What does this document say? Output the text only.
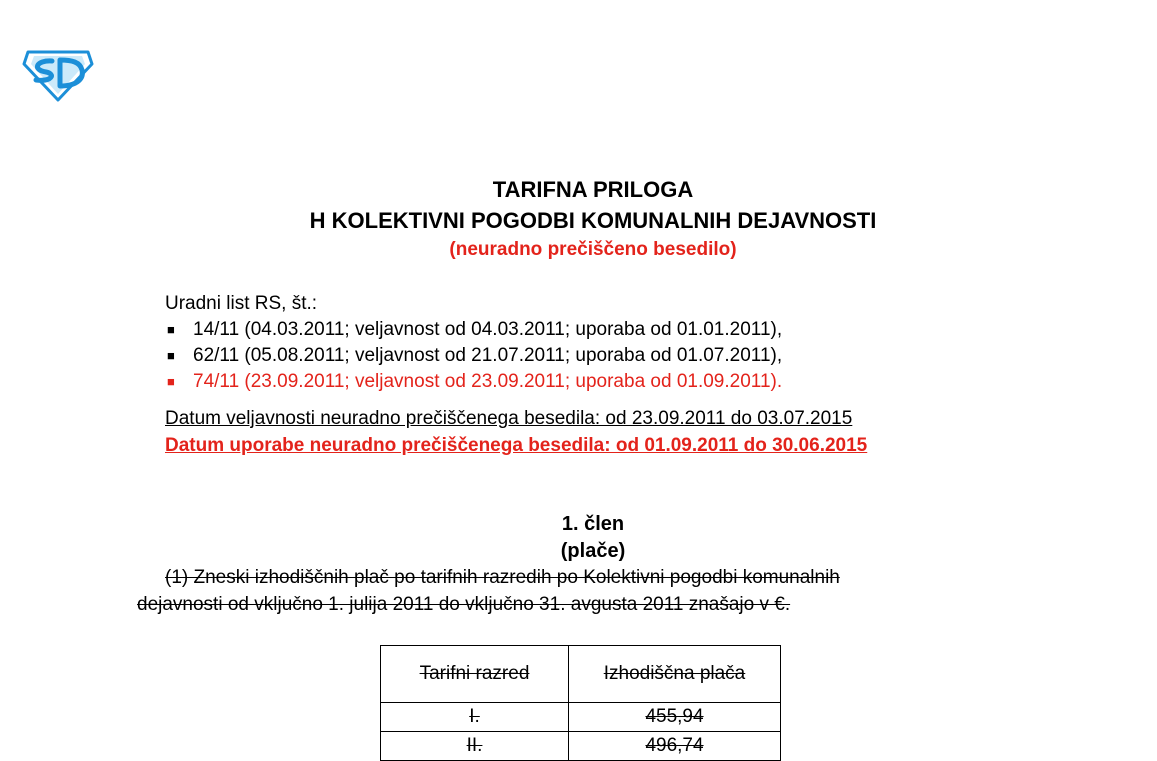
TARIFNA PRILOGA
H KOLEKTIVNI POGODBI KOMUNALNIH DEJAVNOSTI
(neuradno prečiščeno besedilo)

Uradni list RS, št.:

■ 14/11 (04.03.2011; veljavnost od 04.03.2011; uporaba od 01.01.2011),
■ 62/11 (05.08.2011; veljavnost od 21.07.2011; uporaba od 01.07.2011),
■ 74/11 (23.09.2011; veljavnost od 23.09.2011; uporaba od 01.09.2011).
Datum veljavnosti neuradno prečiščenega besedila: od 23.09.2011 do 03.07.2015
Datum uporabe neuradno prečiščenega besedila: od 01.09.2011 do 30.06.2015
1. člen
(plače)
(1) Zneski izhodiščnih plač po tarifnih razredih po Kolektivni pogodbi komunalnih
dejavnosti od vključno 1. julija 2011 do vključno 31. avgusta 2011 znašajo v €.
Tarifni razred	Izhodiščna plača
I.	455,94
II.	496,74
